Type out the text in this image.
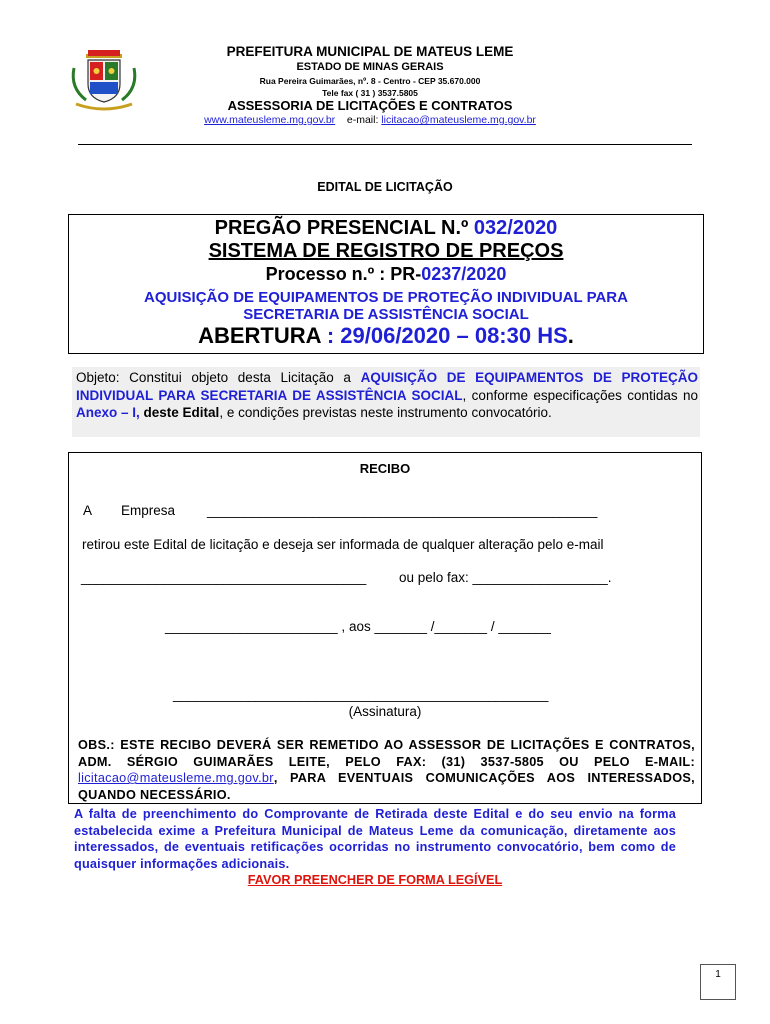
PREFEITURA MUNICIPAL DE MATEUS LEME
ESTADO DE MINAS GERAIS
Rua Pereira Guimarães, nº. 8 - Centro - CEP 35.670.000
Tele fax ( 31 ) 3537.5805
ASSESSORIA DE LICITAÇÕES E CONTRATOS
www.mateusleme.mg.gov.br e-mail: licitacao@mateusleme.mg.gov.br
EDITAL DE LICITAÇÃO
PREGÃO PRESENCIAL N.º 032/2020
SISTEMA DE REGISTRO DE PREÇOS
Processo n.º : PR-0237/2020
AQUISIÇÃO DE EQUIPAMENTOS DE PROTEÇÃO INDIVIDUAL PARA
SECRETARIA DE ASSISTÊNCIA SOCIAL
ABERTURA : 29/06/2020 – 08:30 HS.
Objeto: Constitui objeto desta Licitação a AQUISIÇÃO DE EQUIPAMENTOS DE PROTEÇÃO INDIVIDUAL PARA SECRETARIA DE ASSISTÊNCIA SOCIAL, conforme especificações contidas no Anexo – I, deste Edital, e condições previstas neste instrumento convocatório.
RECIBO
A Empresa ____________________________________________________
retirou este Edital de licitação e deseja ser informada de qualquer alteração pelo e-mail
______________________________________ ou pelo fax: __________________.
_______________________ , aos _______ /_______ / _______
__________________________________________________
(Assinatura)
OBS.: ESTE RECIBO DEVERÁ SER REMETIDO AO ASSESSOR DE LICITAÇÕES E CONTRATOS, ADM. SÉRGIO GUIMARÃES LEITE, PELO FAX: (31) 3537-5805 OU PELO E-MAIL: licitacao@mateusleme.mg.gov.br, PARA EVENTUAIS COMUNICAÇÕES AOS INTERESSADOS, QUANDO NECESSÁRIO.
A falta de preenchimento do Comprovante de Retirada deste Edital e do seu envio na forma estabelecida exime a Prefeitura Municipal de Mateus Leme da comunicação, diretamente aos interessados, de eventuais retificações ocorridas no instrumento convocatório, bem como de quaisquer informações adicionais.
FAVOR PREENCHER DE FORMA LEGÍVEL
1
